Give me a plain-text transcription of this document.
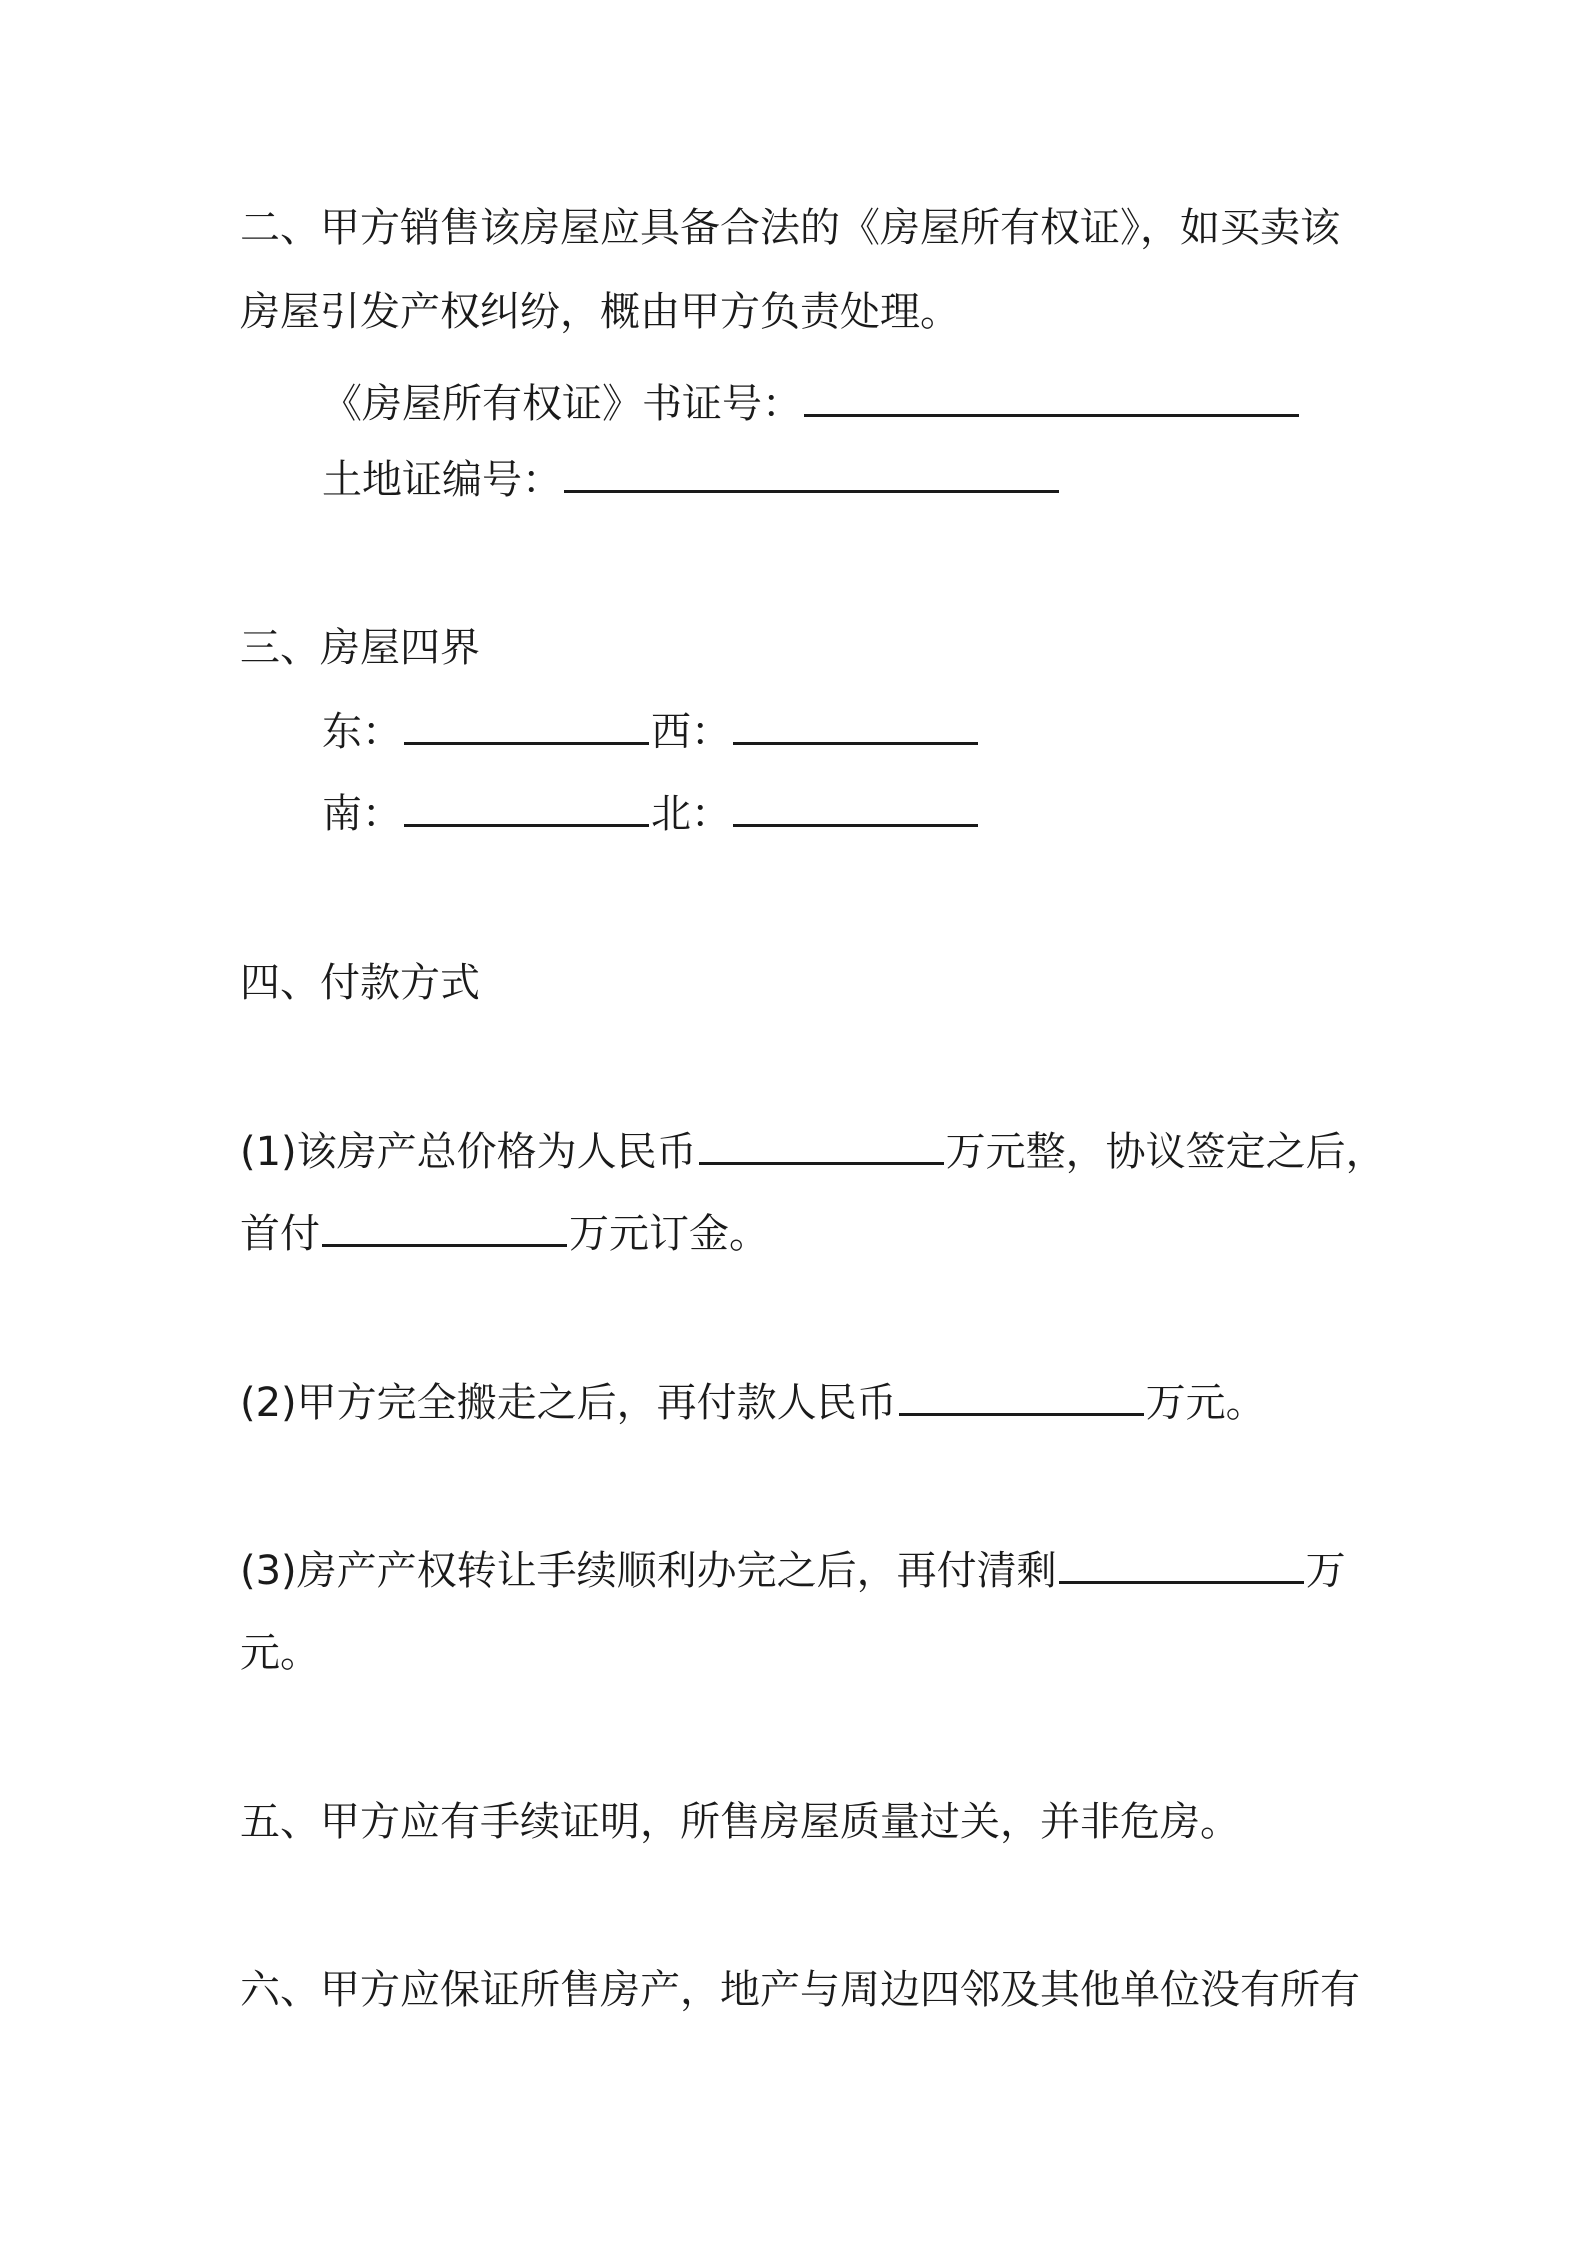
二、甲方销售该房屋应具备合法的《房屋所有权证》，如买卖该
房屋引发产权纠纷，概由甲方负责处理。
《房屋所有权证》书证号：
土地证编号：
三、房屋四界
东：	西：
南：	北：
四、付款方式
(1)该房产总价格为人民币	万元整，协议签定之后，
首付	万元订金。
(2)甲方完全搬走之后，再付款人民币	万元。
(3)房产产权转让手续顺利办完之后，再付清剩	万
元。
五、甲方应有手续证明，所售房屋质量过关，并非危房。
六、甲方应保证所售房产，地产与周边四邻及其他单位没有所有
